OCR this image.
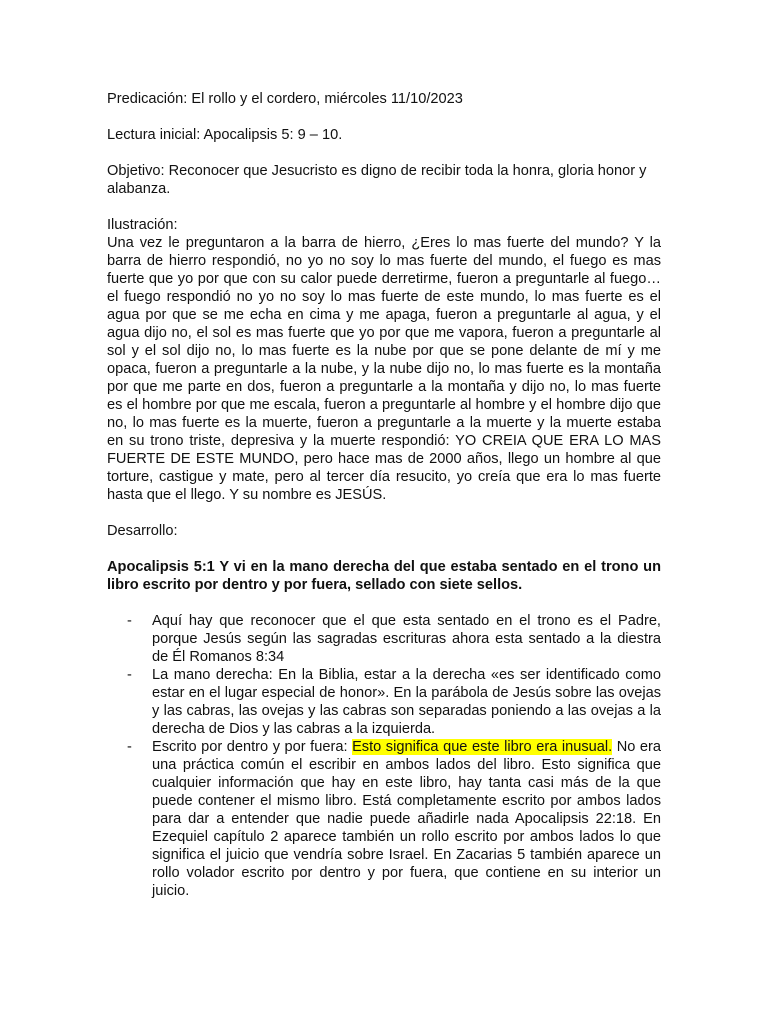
Predicación: El rollo y el cordero, miércoles 11/10/2023

Lectura inicial: Apocalipsis 5: 9 – 10.

Objetivo: Reconocer que Jesucristo es digno de recibir toda la honra, gloria honor y alabanza.

Ilustración:

Una vez le preguntaron a la barra de hierro, ¿Eres lo mas fuerte del mundo? Y la barra de hierro respondió, no yo no soy lo mas fuerte del mundo, el fuego es mas fuerte que yo por que con su calor puede derretirme, fueron a preguntarle al fuego… el fuego respondió no yo no soy lo mas fuerte de este mundo, lo mas fuerte es el agua por que se me echa en cima y me apaga, fueron a preguntarle al agua, y el agua dijo no, el sol es mas fuerte que yo por que me vapora, fueron a preguntarle al sol y el sol dijo no, lo mas fuerte es la nube por que se pone delante de mí y me opaca, fueron a preguntarle a la nube, y la nube dijo no, lo mas fuerte es la montaña por que me parte en dos, fueron a preguntarle a la montaña y dijo no, lo mas fuerte es el hombre por que me escala, fueron a preguntarle al hombre y el hombre dijo que no, lo mas fuerte es la muerte, fueron a preguntarle a la muerte y la muerte estaba en su trono triste, depresiva y la muerte respondió: YO CREIA QUE ERA LO MAS FUERTE DE ESTE MUNDO, pero hace mas de 2000 años, llego un hombre al que torture, castigue y mate, pero al tercer día resucito, yo creía que era lo mas fuerte hasta que el llego. Y su nombre es JESÚS.

Desarrollo:

Apocalipsis 5:1 Y vi en la mano derecha del que estaba sentado en el trono un libro escrito por dentro y por fuera, sellado con siete sellos.

- Aquí hay que reconocer que el que esta sentado en el trono es el Padre, porque Jesús según las sagradas escrituras ahora esta sentado a la diestra de Él Romanos 8:34
- La mano derecha: En la Biblia, estar a la derecha «es ser identificado como estar en el lugar especial de honor». En la parábola de Jesús sobre las ovejas y las cabras, las ovejas y las cabras son separadas poniendo a las ovejas a la derecha de Dios y las cabras a la izquierda.
- Escrito por dentro y por fuera: Esto significa que este libro era inusual. No era una práctica común el escribir en ambos lados del libro. Esto significa que cualquier información que hay en este libro, hay tanta casi más de la que puede contener el mismo libro. Está completamente escrito por ambos lados para dar a entender que nadie puede añadirle nada Apocalipsis 22:18. En Ezequiel capítulo 2 aparece también un rollo escrito por ambos lados lo que significa el juicio que vendría sobre Israel. En Zacarias 5 también aparece un rollo volador escrito por dentro y por fuera, que contiene en su interior un juicio.
